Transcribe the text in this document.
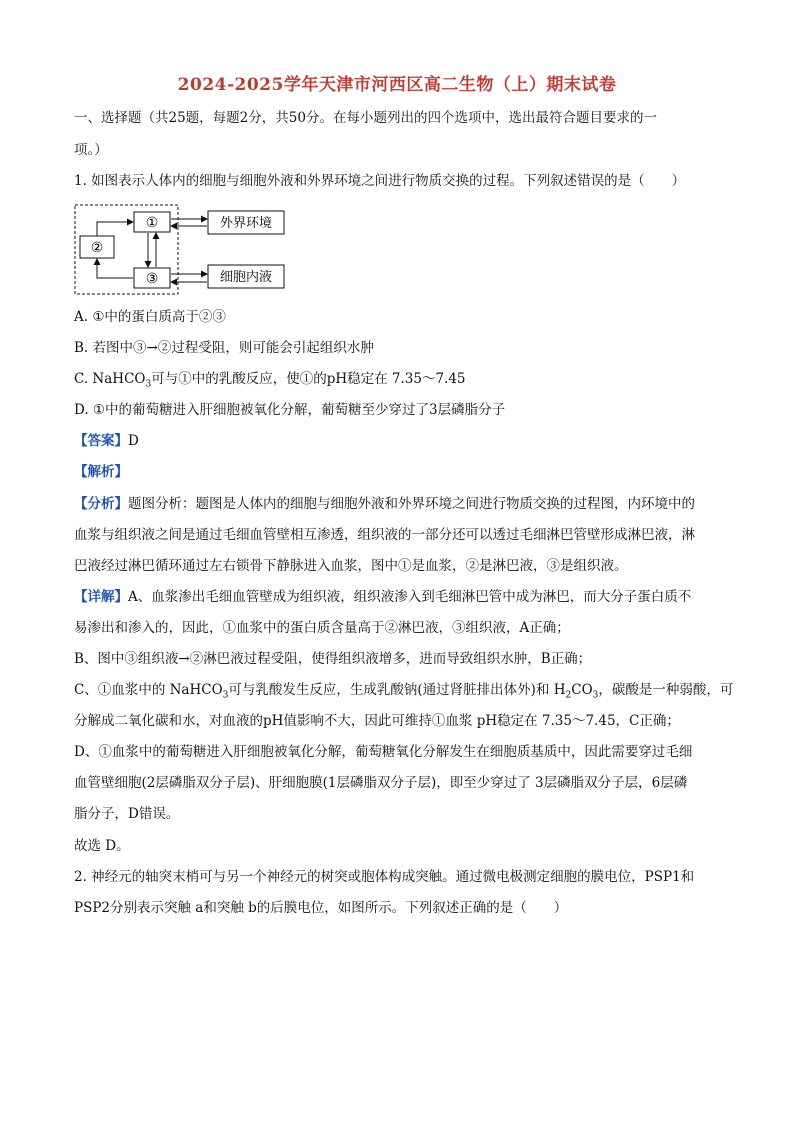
2024-2025学年天津市河西区高二生物（上）期末试卷
一、选择题（共25题，每题2分，共50分。在每小题列出的四个选项中，选出最符合题目要求的一
项。）
1. 如图表示人体内的细胞与细胞外液和外界环境之间进行物质交换的过程。下列叙述错误的是（　　）
①
②
③
外界环境
细胞内液
A. ①中的蛋白质高于②③
B. 若图中③→②过程受阻，则可能会引起组织水肿
C. NaHCO$_3$可与①中的乳酸反应，使①的pH稳定在 7.35～7.45
D. ①中的葡萄糖进入肝细胞被氧化分解，葡萄糖至少穿过了3层磷脂分子
【答案】D
【解析】
【分析】题图分析：题图是人体内的细胞与细胞外液和外界环境之间进行物质交换的过程图，内环境中的
血浆与组织液之间是通过毛细血管壁相互渗透，组织液的一部分还可以透过毛细淋巴管壁形成淋巴液，淋
巴液经过淋巴循环通过左右锁骨下静脉进入血浆，图中①是血浆，②是淋巴液，③是组织液。
【详解】A、血浆渗出毛细血管壁成为组织液，组织液渗入到毛细淋巴管中成为淋巴，而大分子蛋白质不
易渗出和渗入的，因此，①血浆中的蛋白质含量高于②淋巴液，③组织液，A正确；
B、图中③组织液→②淋巴液过程受阻，使得组织液增多，进而导致组织水肿，B正确；
C、①血浆中的 NaHCO$_3$可与乳酸发生反应，生成乳酸钠(通过肾脏排出体外)和 $H_2CO_3$，碳酸是一种弱酸，可
分解成二氧化碳和水，对血液的pH值影响不大，因此可维持①血浆 pH稳定在 7.35～7.45，C正确；
D、①血浆中的葡萄糖进入肝细胞被氧化分解，葡萄糖氧化分解发生在细胞质基质中，因此需要穿过毛细
血管壁细胞(2层磷脂双分子层)、肝细胞膜(1层磷脂双分子层)，即至少穿过了 3层磷脂双分子层，6层磷
脂分子，D错误。
故选 D。
2. 神经元的轴突末梢可与另一个神经元的树突或胞体构成突触。通过微电极测定细胞的膜电位，PSP1和
PSP2分别表示突触 a和突触 b的后膜电位，如图所示。下列叙述正确的是（　　）
